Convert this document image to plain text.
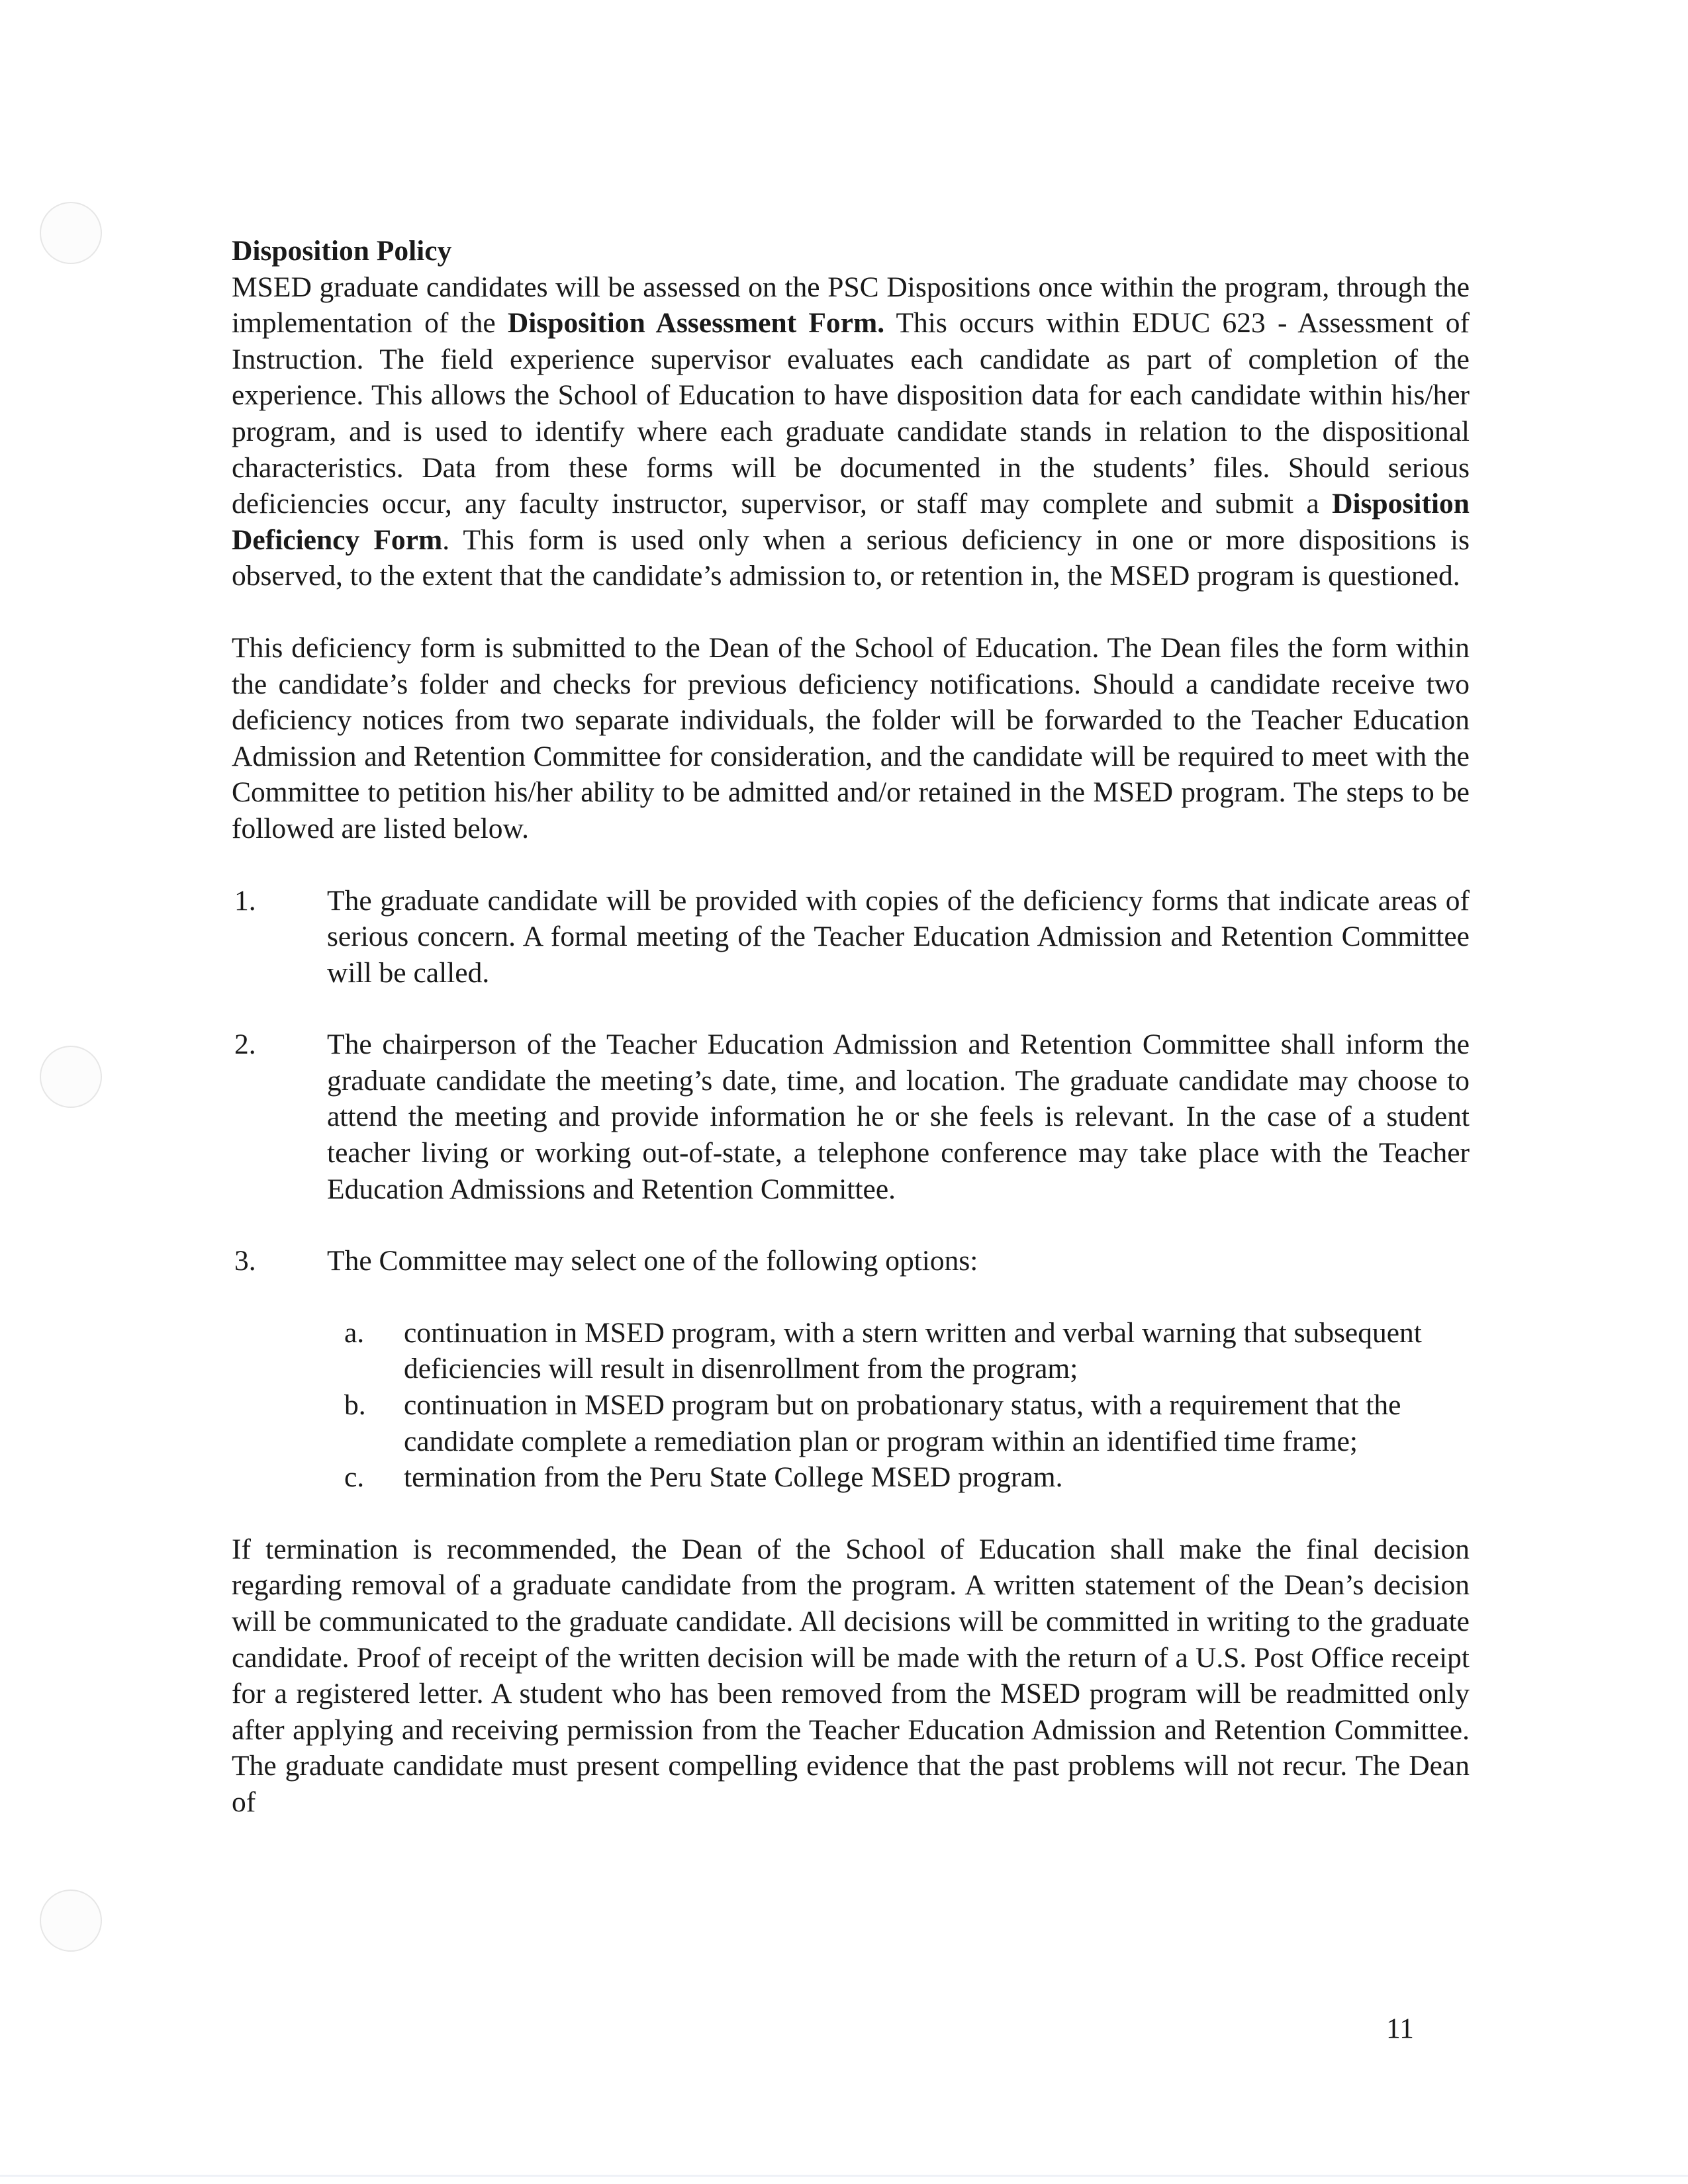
Disposition Policy

MSED graduate candidates will be assessed on the PSC Dispositions once within the program, through the implementation of the Disposition Assessment Form. This occurs within EDUC 623 - Assessment of Instruction. The field experience supervisor evaluates each candidate as part of completion of the experience. This allows the School of Education to have disposition data for each candidate within his/her program, and is used to identify where each graduate candidate stands in relation to the dispositional characteristics. Data from these forms will be documented in the students’ files. Should serious deficiencies occur, any faculty instructor, supervisor, or staff may complete and submit a Disposition Deficiency Form. This form is used only when a serious deficiency in one or more dispositions is observed, to the extent that the candidate’s admission to, or retention in, the MSED program is questioned.

This deficiency form is submitted to the Dean of the School of Education. The Dean files the form within the candidate’s folder and checks for previous deficiency notifications. Should a candidate receive two deficiency notices from two separate individuals, the folder will be forwarded to the Teacher Education Admission and Retention Committee for consideration, and the candidate will be required to meet with the Committee to petition his/her ability to be admitted and/or retained in the MSED program. The steps to be followed are listed below.

1.	The graduate candidate will be provided with copies of the deficiency forms that indicate areas of serious concern. A formal meeting of the Teacher Education Admission and Retention Committee will be called.
2.	The chairperson of the Teacher Education Admission and Retention Committee shall inform the graduate candidate the meeting’s date, time, and location. The graduate candidate may choose to attend the meeting and provide information he or she feels is relevant. In the case of a student teacher living or working out-of-state, a telephone conference may take place with the Teacher Education Admissions and Retention Committee.
3.	The Committee may select one of the following options:
a.	continuation in MSED program, with a stern written and verbal warning that subsequent deficiencies will result in disenrollment from the program;
b.	continuation in MSED program but on probationary status, with a requirement that the candidate complete a remediation plan or program within an identified time frame;
c.	termination from the Peru State College MSED program.

If termination is recommended, the Dean of the School of Education shall make the final decision regarding removal of a graduate candidate from the program. A written statement of the Dean’s decision will be communicated to the graduate candidate. All decisions will be committed in writing to the graduate candidate. Proof of receipt of the written decision will be made with the return of a U.S. Post Office receipt for a registered letter. A student who has been removed from the MSED program will be readmitted only after applying and receiving permission from the Teacher Education Admission and Retention Committee. The graduate candidate must present compelling evidence that the past problems will not recur. The Dean of

11
